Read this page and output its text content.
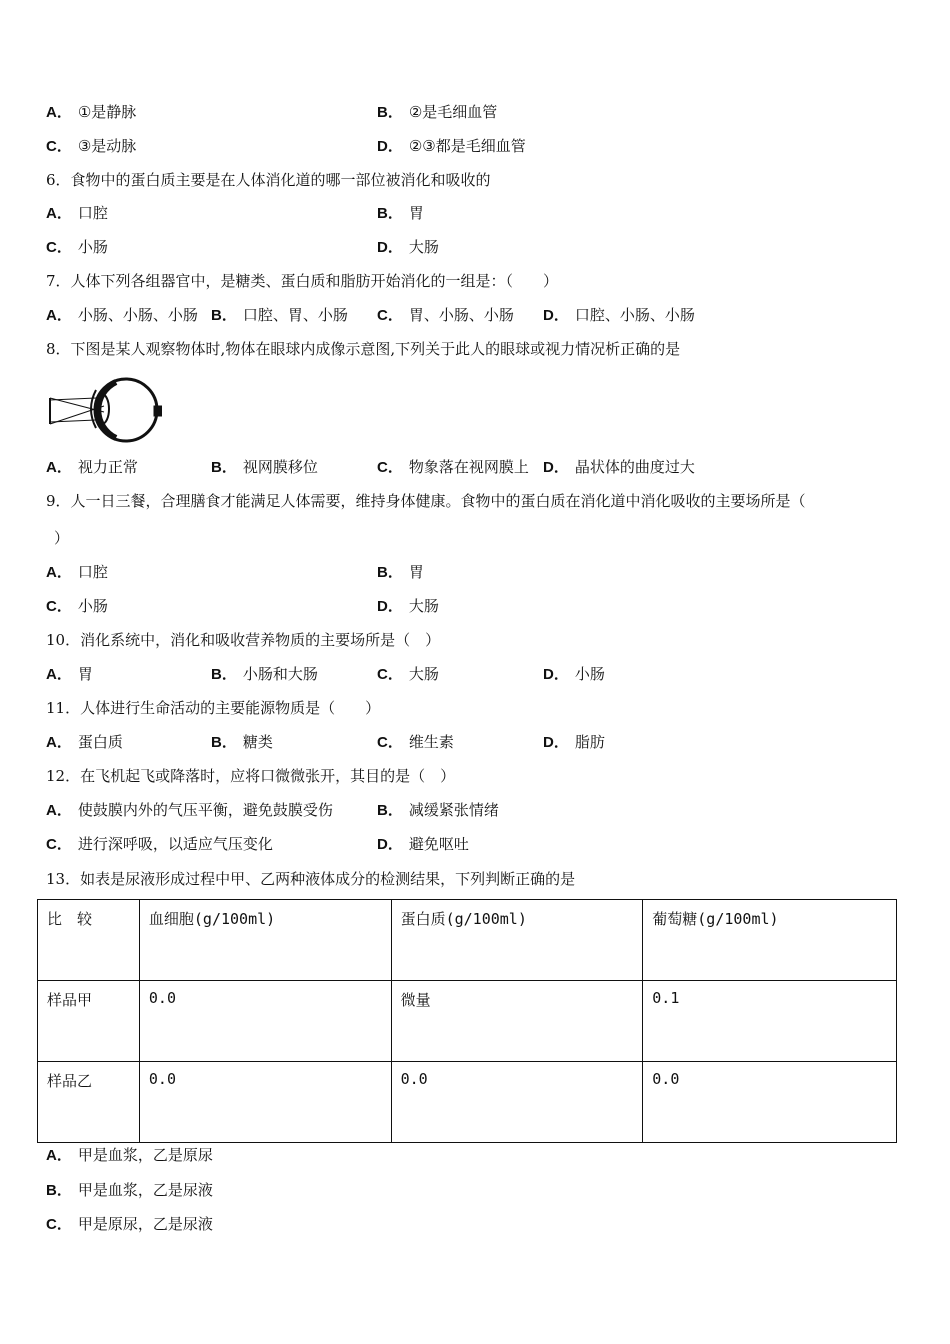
A． ①是静脉	B． ②是毛细血管
C． ③是动脉	D． ②③都是毛细血管
6．食物中的蛋白质主要是在人体消化道的哪一部位被消化和吸收的
A． 口腔	B． 胃
C． 小肠	D． 大肠
7．人体下列各组器官中，是糖类、蛋白质和脂肪开始消化的一组是：（　　）
A． 小肠、小肠、小肠 B． 口腔、胃、小肠 C． 胃、小肠、小肠 D． 口腔、小肠、小肠
8．下图是某人观察物体时,物体在眼球内成像示意图,下列关于此人的眼球或视力情况析正确的是
A． 视力正常	B． 视网膜移位	C． 物象落在视网膜上 D． 晶状体的曲度过大
9．人一日三餐，合理膳食才能满足人体需要，维持身体健康。食物中的蛋白质在消化道中消化吸收的主要场所是（
）
A． 口腔	B． 胃
C． 小肠	D． 大肠
10．消化系统中，消化和吸收营养物质的主要场所是（　）
A． 胃	B． 小肠和大肠	C． 大肠	D． 小肠
11．人体进行生命活动的主要能源物质是（　　）
A． 蛋白质	B． 糖类	C． 维生素	D． 脂肪
12．在飞机起飞或降落时，应将口微微张开，其目的是（　）
A． 使鼓膜内外的气压平衡，避免鼓膜受伤	B． 减缓紧张情绪
C． 进行深呼吸，以适应气压变化	D． 避免呕吐
13．如表是尿液形成过程中甲、乙两种液体成分的检测结果，下列判断正确的是
比　较	血细胞(g/100ml)	蛋白质(g/100ml)	葡萄糖(g/100ml)
样品甲	0.0	微量	0.1
样品乙	0.0	0.0	0.0
A． 甲是血浆，乙是原尿
B． 甲是血浆，乙是尿液
C． 甲是原尿，乙是尿液
